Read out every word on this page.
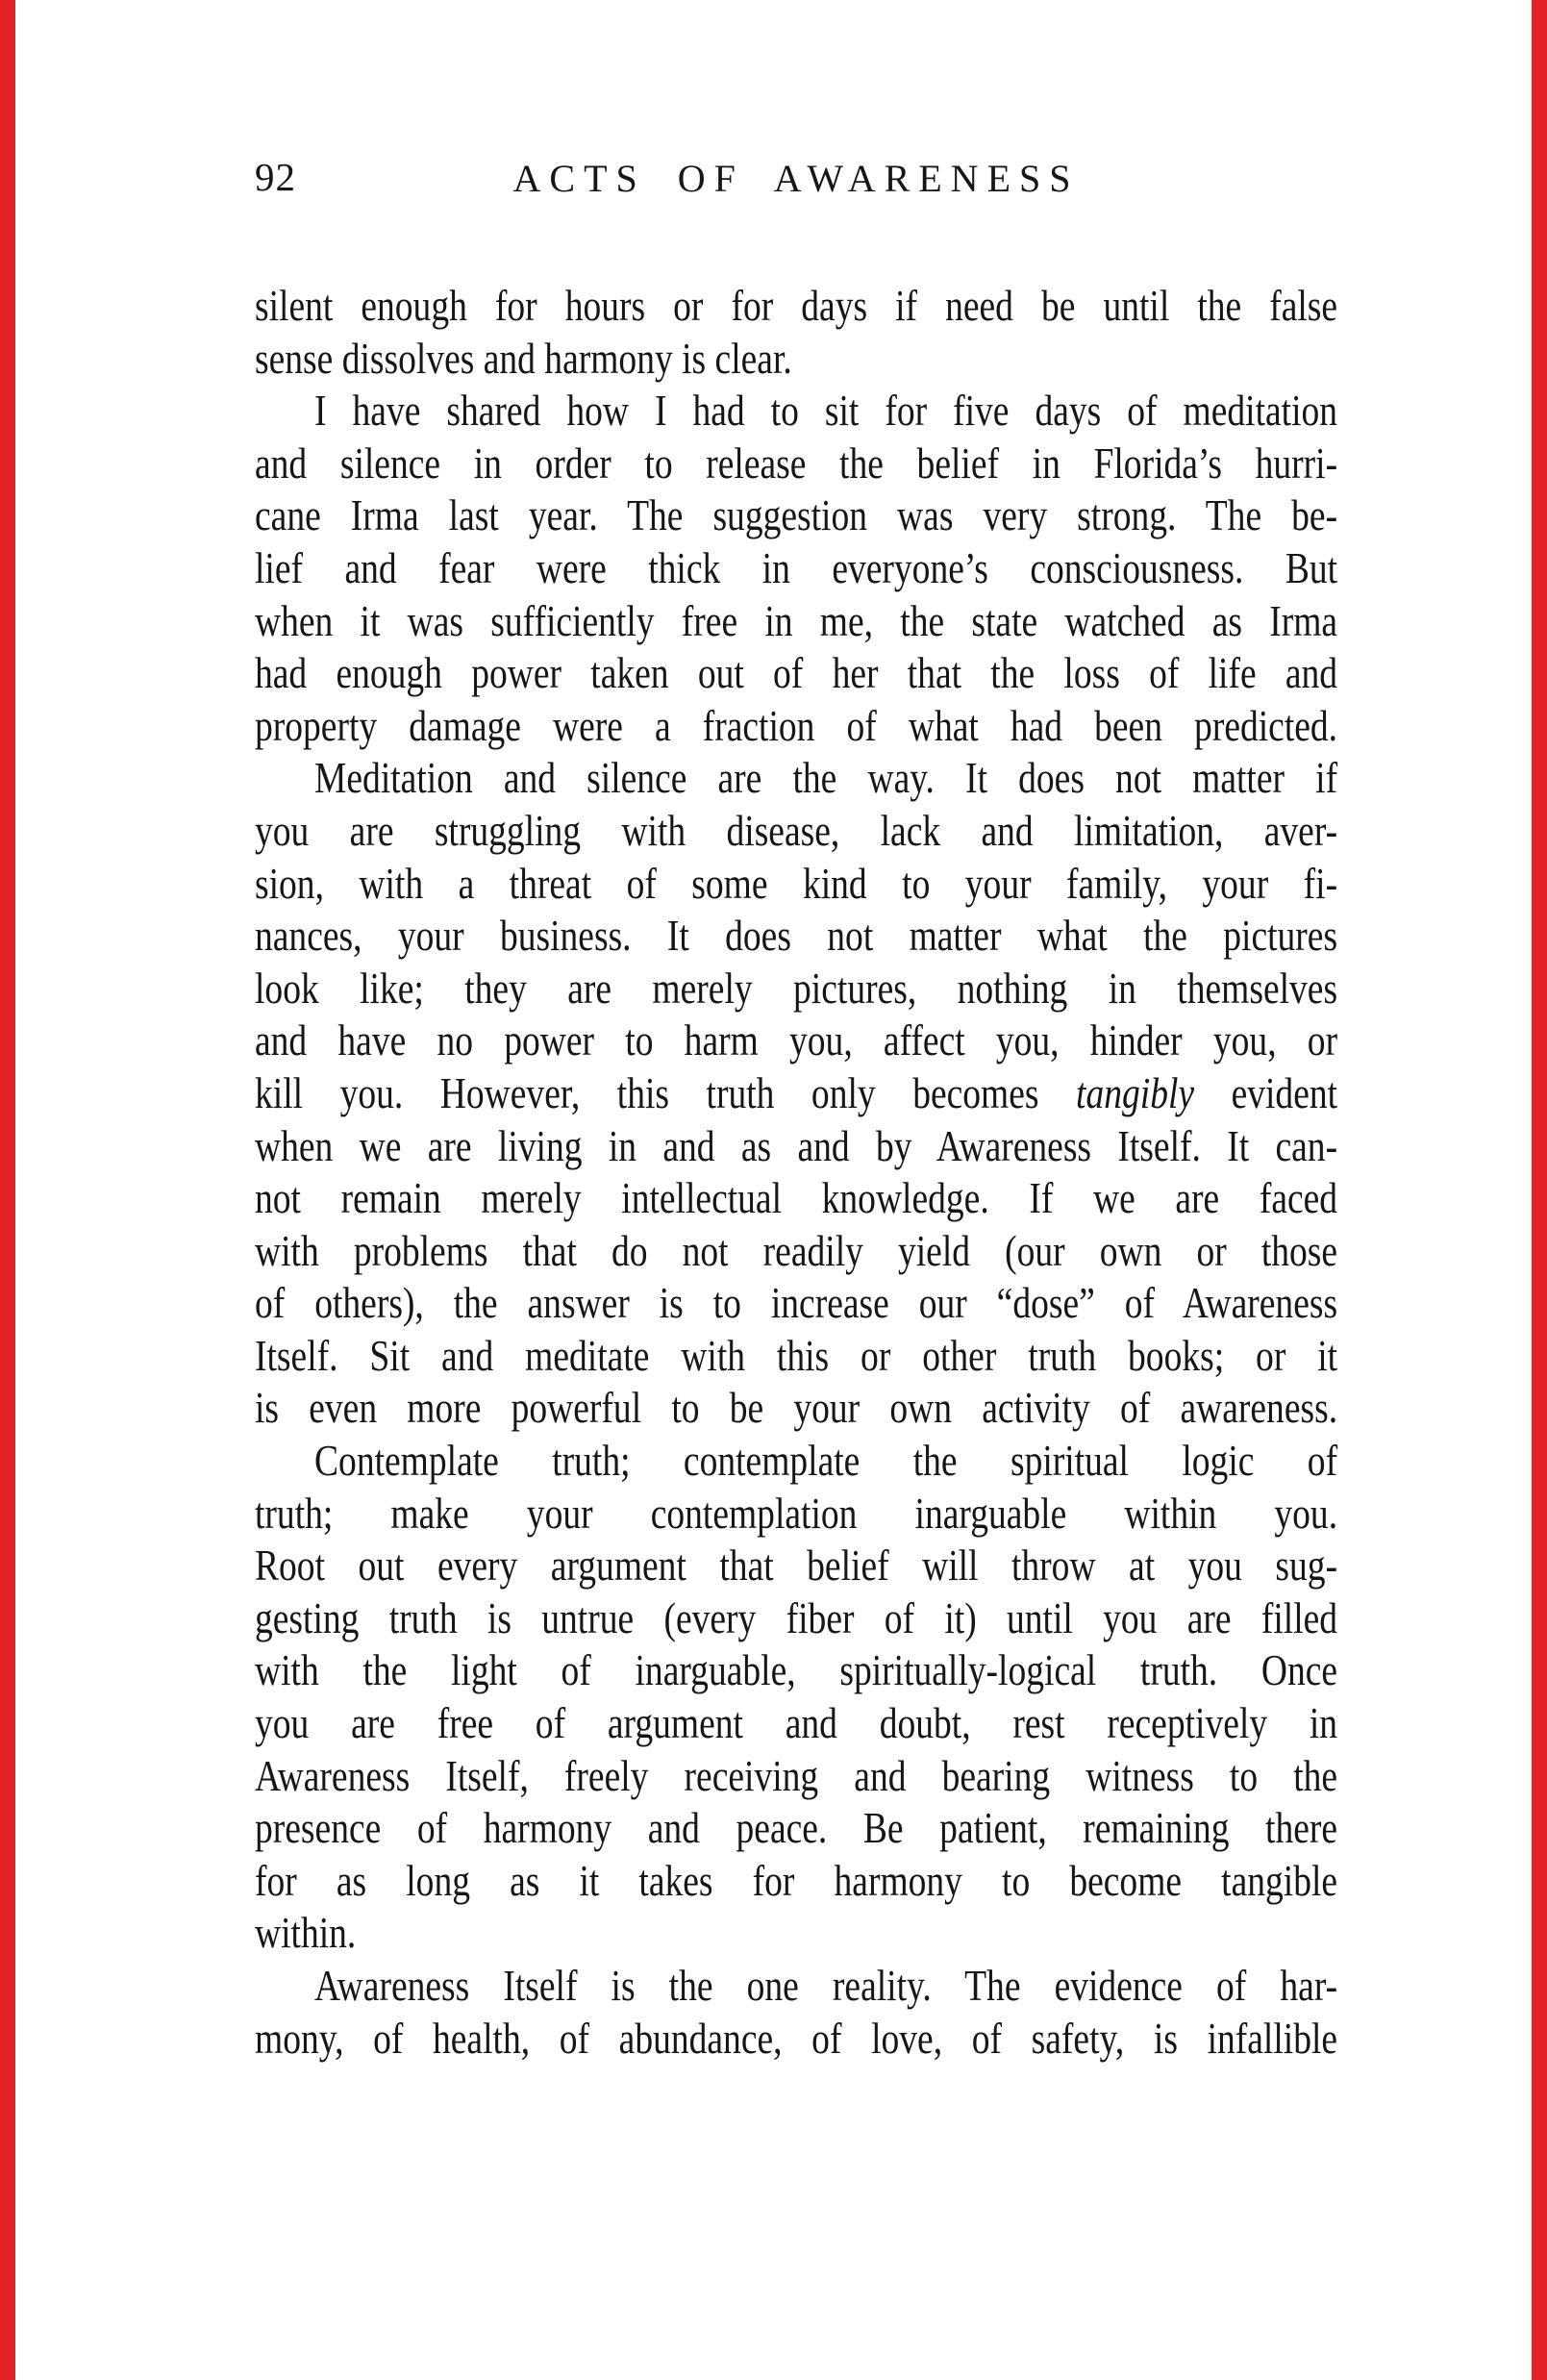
92	ACTS OF AWARENESS
silent enough for hours or for days if need be until the false
sense dissolves and harmony is clear.
I have shared how I had to sit for five days of meditation
and silence in order to release the belief in Florida’s hurri-
cane Irma last year. The suggestion was very strong. The be-
lief and fear were thick in everyone’s consciousness. But
when it was sufficiently free in me, the state watched as Irma
had enough power taken out of her that the loss of life and
property damage were a fraction of what had been predicted.
Meditation and silence are the way. It does not matter if
you are struggling with disease, lack and limitation, aver-
sion, with a threat of some kind to your family, your fi-
nances, your business. It does not matter what the pictures
look like; they are merely pictures, nothing in themselves
and have no power to harm you, affect you, hinder you, or
kill you. However, this truth only becomes tangibly evident
when we are living in and as and by Awareness Itself. It can-
not remain merely intellectual knowledge. If we are faced
with problems that do not readily yield (our own or those
of others), the answer is to increase our “dose” of Awareness
Itself. Sit and meditate with this or other truth books; or it
is even more powerful to be your own activity of awareness.
Contemplate truth; contemplate the spiritual logic of
truth; make your contemplation inarguable within you.
Root out every argument that belief will throw at you sug-
gesting truth is untrue (every fiber of it) until you are filled
with the light of inarguable, spiritually-logical truth. Once
you are free of argument and doubt, rest receptively in
Awareness Itself, freely receiving and bearing witness to the
presence of harmony and peace. Be patient, remaining there
for as long as it takes for harmony to become tangible
within.
Awareness Itself is the one reality. The evidence of har-
mony, of health, of abundance, of love, of safety, is infallible
